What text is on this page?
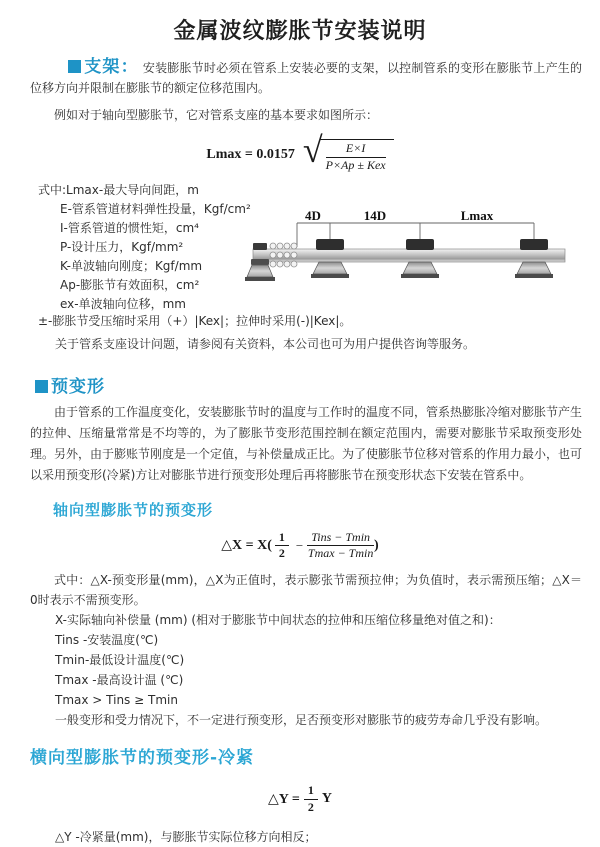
金属波纹膨胀节安装说明

支架： 安装膨胀节时必须在管系上安装必要的支架，以控制管系的变形在膨胀节上产生的位移方向并限制在膨胀节的额定位移范围内。

例如对于轴向型膨胀节，它对管系支座的基本要求如图所示：

Lmax = 0.0157 √ $\frac{E\times I}{\text{P×Ap ± Kex}}$
式中:Lmax-最大导向间距，m
E-管系管道材料弹性投量，Kgf/cm²
I-管系管道的惯性矩，cm⁴
P-设计压力，Kgf/mm²
K-单波轴向刚度；Kgf/mm
Ap-膨胀节有效面积，cm²
ex-单波轴向位移，mm
4D	14D	Lmax
±-膨胀节受压缩时采用（+）|Kex|；拉伸时采用(-)|Kex|。
关于管系支座设计问题，请参阅有关资料，本公司也可为用户提供咨询等服务。
预变形

由于管系的工作温度变化，安装膨胀节时的温度与工作时的温度不同，管系热膨胀冷缩对膨胀节产生的拉伸、压缩量常常是不均等的，为了膨胀节变形范围控制在额定范围内，需要对膨胀节采取预变形处理。另外，由于膨账节刚度是一个定值，与补偿量成正比。为了使膨胀节位移对管系的作用力最小，也可以采用预变形(冷紧)方让对膨胀节进行预变形处理后再将膨胀节在预变形状态下安装在管系中。

轴向型膨胀节的预变形
△X = $X( \frac{1}{2} - \frac{\text{Tins − Tmin}}{Tmax - Tmin}$ )
式中：△X-预变形量(mm)，△X为正值时，表示膨张节需预拉伸；为负值时，表示需预压缩；△X＝0时表示不需预变形。
X-实际轴向补偿量 (mm) (相对于膨胀节中间状态的拉伸和压缩位移量绝对值之和)：
Tins -安装温度(℃)
Tmin-最低设计温度(℃)
Tmax -最高设计温 (℃)
Tmax > Tins ≥ Tmin
一般变形和受力情况下，不一定进行预变形，足否预变形对膨胀节的疲劳寿命几乎没有影响。
横向型膨胀节的预变形-冷紧
△Y = $\frac{1}{2}$ Y
△Y -冷紧量(mm)，与膨胀节实际位移方向相反；
